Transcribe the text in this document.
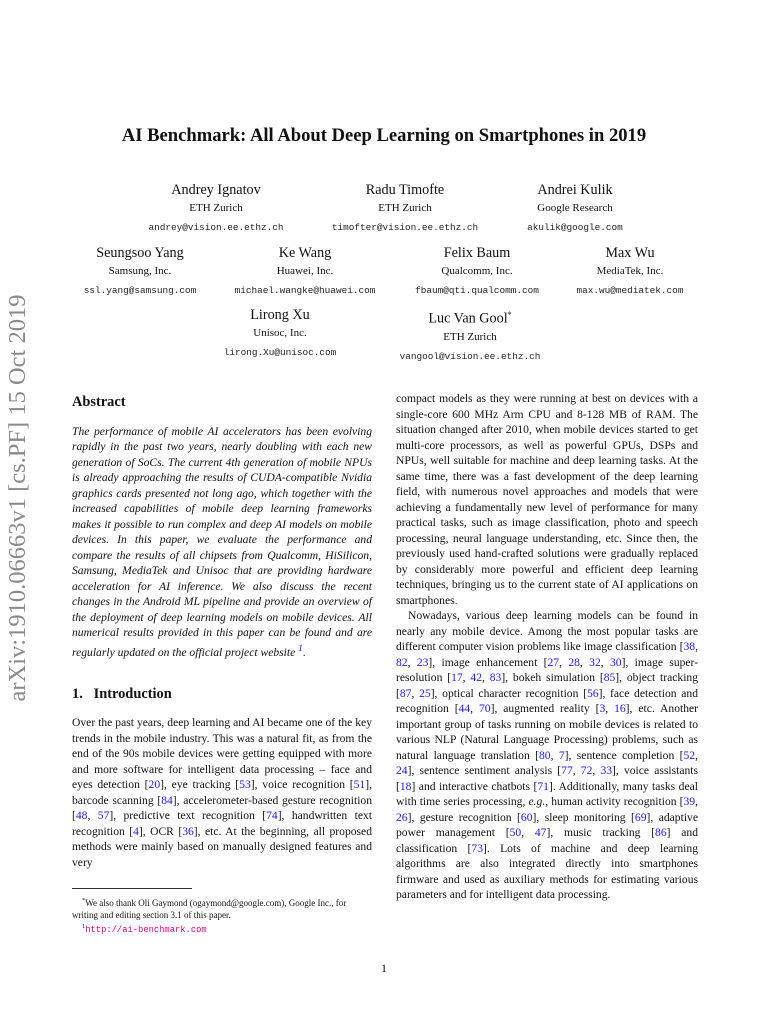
arXiv:1910.06663v1 [cs.PF] 15 Oct 2019
AI Benchmark: All About Deep Learning on Smartphones in 2019
Andrey Ignatov
ETH Zurich
andrey@vision.ee.ethz.ch
Radu Timofte
ETH Zurich
timofter@vision.ee.ethz.ch
Andrei Kulik
Google Research
akulik@google.com
Seungsoo Yang
Samsung, Inc.
ssl.yang@samsung.com
Ke Wang
Huawei, Inc.
michael.wangke@huawei.com
Felix Baum
Qualcomm, Inc.
fbaum@qti.qualcomm.com
Max Wu
MediaTek, Inc.
max.wu@mediatek.com
Lirong Xu
Unisoc, Inc.
lirong.Xu@unisoc.com
Luc Van Gool*
ETH Zurich
vangool@vision.ee.ethz.ch
Abstract

The performance of mobile AI accelerators has been evolving rapidly in the past two years, nearly doubling with each new generation of SoCs. The current 4th generation of mobile NPUs is already approaching the results of CUDA-compatible Nvidia graphics cards presented not long ago, which together with the increased capabilities of mobile deep learning frameworks makes it possible to run complex and deep AI models on mobile devices. In this paper, we evaluate the performance and compare the results of all chipsets from Qualcomm, HiSilicon, Samsung, MediaTek and Unisoc that are providing hardware acceleration for AI inference. We also discuss the recent changes in the Android ML pipeline and provide an overview of the deployment of deep learning models on mobile devices. All numerical results provided in this paper can be found and are regularly updated on the official project website $^1$.

1. Introduction

Over the past years, deep learning and AI became one of the key trends in the mobile industry. This was a natural fit, as from the end of the 90s mobile devices were getting equipped with more and more software for intelligent data processing – face and eyes detection [20], eye tracking [53], voice recognition [51], barcode scanning [84], accelerometer-based gesture recognition [48, 57], predictive text recognition [74], handwritten text recognition [4], OCR [36], etc. At the beginning, all proposed methods were mainly based on manually designed features and very

compact models as they were running at best on devices with a single-core 600 MHz Arm CPU and 8-128 MB of RAM. The situation changed after 2010, when mobile devices started to get multi-core processors, as well as powerful GPUs, DSPs and NPUs, well suitable for machine and deep learning tasks. At the same time, there was a fast development of the deep learning field, with numerous novel approaches and models that were achieving a fundamentally new level of performance for many practical tasks, such as image classification, photo and speech processing, neural language understanding, etc. Since then, the previously used hand-crafted solutions were gradually replaced by considerably more powerful and efficient deep learning techniques, bringing us to the current state of AI applications on smartphones.

Nowadays, various deep learning models can be found in nearly any mobile device. Among the most popular tasks are different computer vision problems like image classification [38, 82, 23], image enhancement [27, 28, 32, 30], image super-resolution [17, 42, 83], bokeh simulation [85], object tracking [87, 25], optical character recognition [56], face detection and recognition [44, 70], augmented reality [3, 16], etc. Another important group of tasks running on mobile devices is related to various NLP (Natural Language Processing) problems, such as natural language translation [80, 7], sentence completion [52, 24], sentence sentiment analysis [77, 72, 33], voice assistants [18] and interactive chatbots [71]. Additionally, many tasks deal with time series processing, e.g., human activity recognition [39, 26], gesture recognition [60], sleep monitoring [69], adaptive power management [50, 47], music tracking [86] and classification [73]. Lots of machine and deep learning algorithms are also integrated directly into smartphones firmware and used as auxiliary methods for estimating various parameters and for intelligent data processing.

*We also thank Oli Gaymond (ogaymond@google.com), Google Inc., for writing and editing section 3.1 of this paper.

$^1$http://ai-benchmark.com

1
